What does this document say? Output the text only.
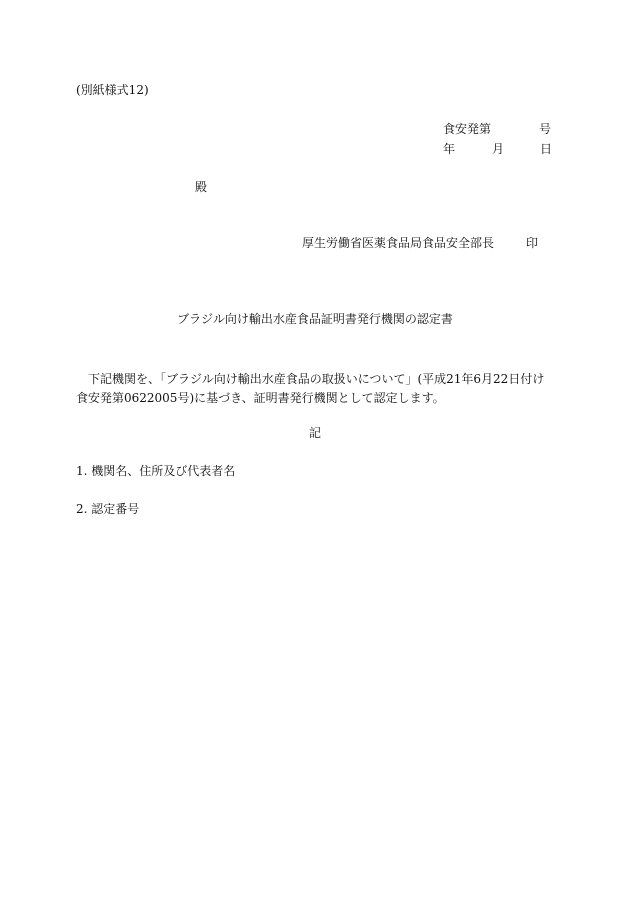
(別紙様式12)
食安発第	号
年	月	日
殿
厚生労働省医薬食品局食品安全部長	印
ブラジル向け輸出水産食品証明書発行機関の認定書
下記機関を、「ブラジル向け輸出水産食品の取扱いについて」(平成21年6月22日付け食安発第0622005号)に基づき、証明書発行機関として認定します。
記
1. 機関名、住所及び代表者名
2. 認定番号
